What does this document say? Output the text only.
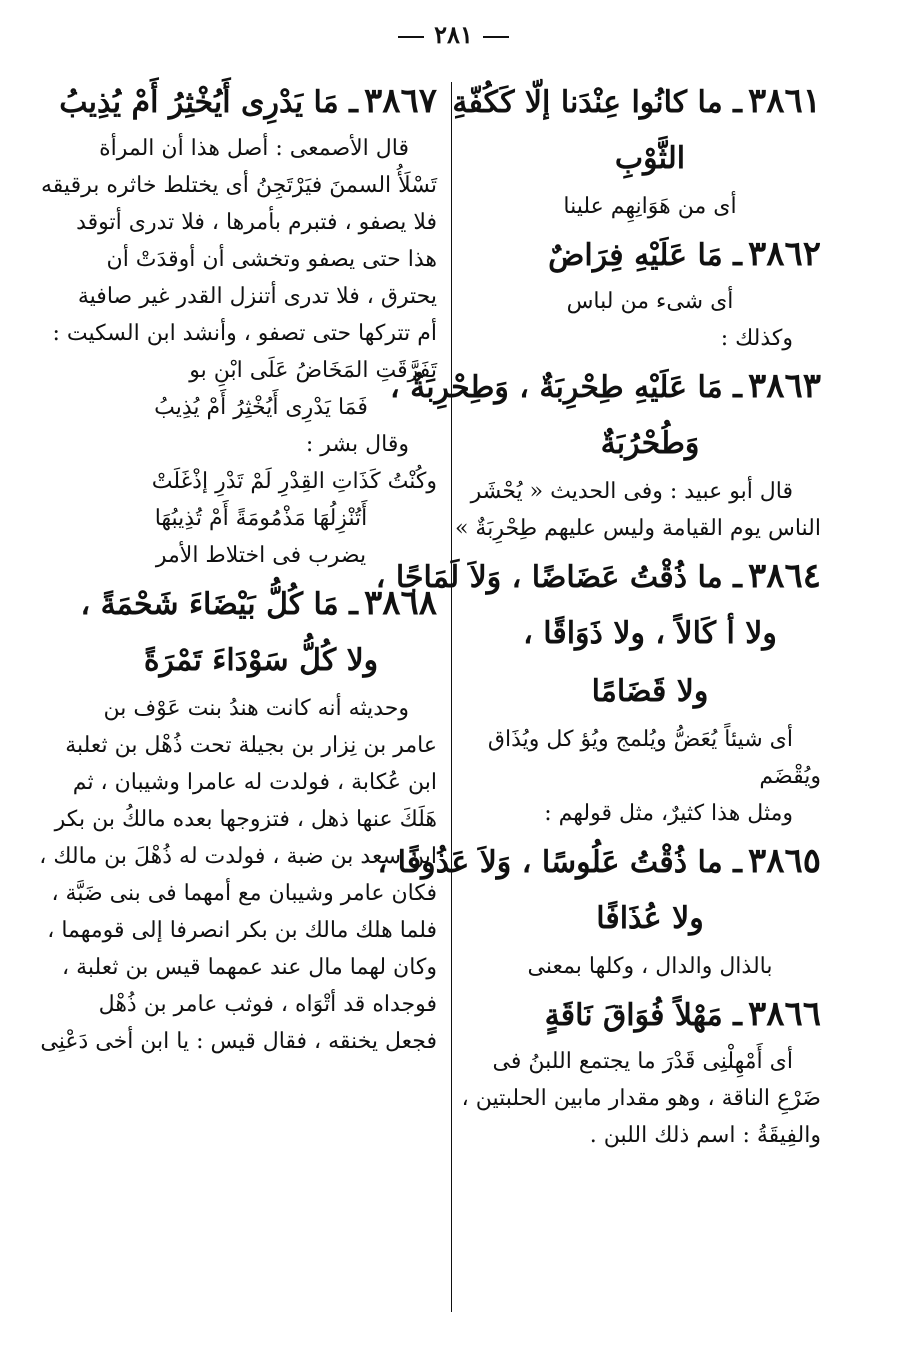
٢٨١
٣٨٦١ـ ما كانُوا عِنْدَنا إلّا كَكُفّةِ
الثَّوْبِ
أى من هَوَانِهِم علينا
٣٨٦٢ـ مَا عَلَيْهِ فِرَاضٌ
أى شىء من لباس
وكذلك :
٣٨٦٣ـ مَا عَلَيْهِ طِحْرِبَةٌ ، وَطِحْرِبَةٌ ،
وَطُحْرُبَةٌ
قال أبو عبيد : وفى الحديث « يُحْشَر
الناس يوم القيامة وليس عليهم طِحْرِبَةٌ »
٣٨٦٤ـ ما ذُقْتُ عَضَاضًا ، وَلاَ لَمَاجًا ،
ولا أ كَالاً ، ولا ذَوَاقًا ،
ولا قَضَامًا
أى شيئاً يُعَضُّ ويُلمج ويُؤ كل ويُذَاق
ويُقْضَم
ومثل هذا كثيرٌ، مثل قولهم :
٣٨٦٥ـ ما ذُقْتُ عَلُوسًا ، وَلاَ عَذُوفًا ،
ولا عُذَافًا
بالذال والدال ، وكلها بمعنى
٣٨٦٦ـ مَهْلاً فُوَاقَ نَاقَةٍ
أى أَمْهِلْنِى قَدْرَ ما يجتمع اللبنُ فى
ضَرْعِ الناقة ، وهو مقدار مابين الحلبتين ،
والفِيقَةُ : اسم ذلك اللبن .
٣٨٦٧ـ مَا يَدْرِى أَيُخْثِرُ أَمْ يُذِيبُ
قال الأصمعى : أصل هذا أن المرأة
تَسْلَأُ السمنَ فيَرْتَجِنُ أى يختلط خاثره برقيقه
فلا يصفو ، فتبرم بأمرها ، فلا تدرى أتوقد
هذا حتى يصفو وتخشى أن أوقدَتْ أن
يحترق ، فلا تدرى أتنزل القدر غير صافية
أم تتركها حتى تصفو ، وأنشد ابن السكيت :
تَفَرَّقَتِ المَخَاضُ عَلَى ابْنِ بو
فَمَا يَدْرِى أَيُخْثِرُ أَمْ يُذِيبُ
وقال بشر :
وكُنْتُ كَذَاتِ القِدْرِ لَمْ تَدْرِ إذْغَلَتْ
أَتُنْزِلُهَا مَذْمُومَةً أَمْ تُذِيبُهَا
يضرب فى اختلاط الأمر
٣٨٦٨ـ مَا كُلُّ بَيْضَاءَ شَحْمَةً ،
ولا كُلُّ سَوْدَاءَ تَمْرَةً
وحديثه أنه كانت هندُ بنت عَوْف بن
عامر بن نِزار بن بجيلة تحت ذُهْل بن ثعلبة
ابن عُكابة ، فولدت له عامرا وشيبان ، ثم
هَلَكَ عنها ذهل ، فتزوجها بعده مالكُ بن بكر
ابن سعد بن ضبة ، فولدت له ذُهْلَ بن مالك ،
فكان عامر وشيبان مع أمهما فى بنى ضَبَّة ،
فلما هلك مالك بن بكر انصرفا إلى قومهما ،
وكان لهما مال عند عمهما قيس بن ثعلبة ،
فوجداه قد أتْوَاه ، فوثب عامر بن ذُهْل
فجعل يخنقه ، فقال قيس : يا ابن أخى دَعْنِى
